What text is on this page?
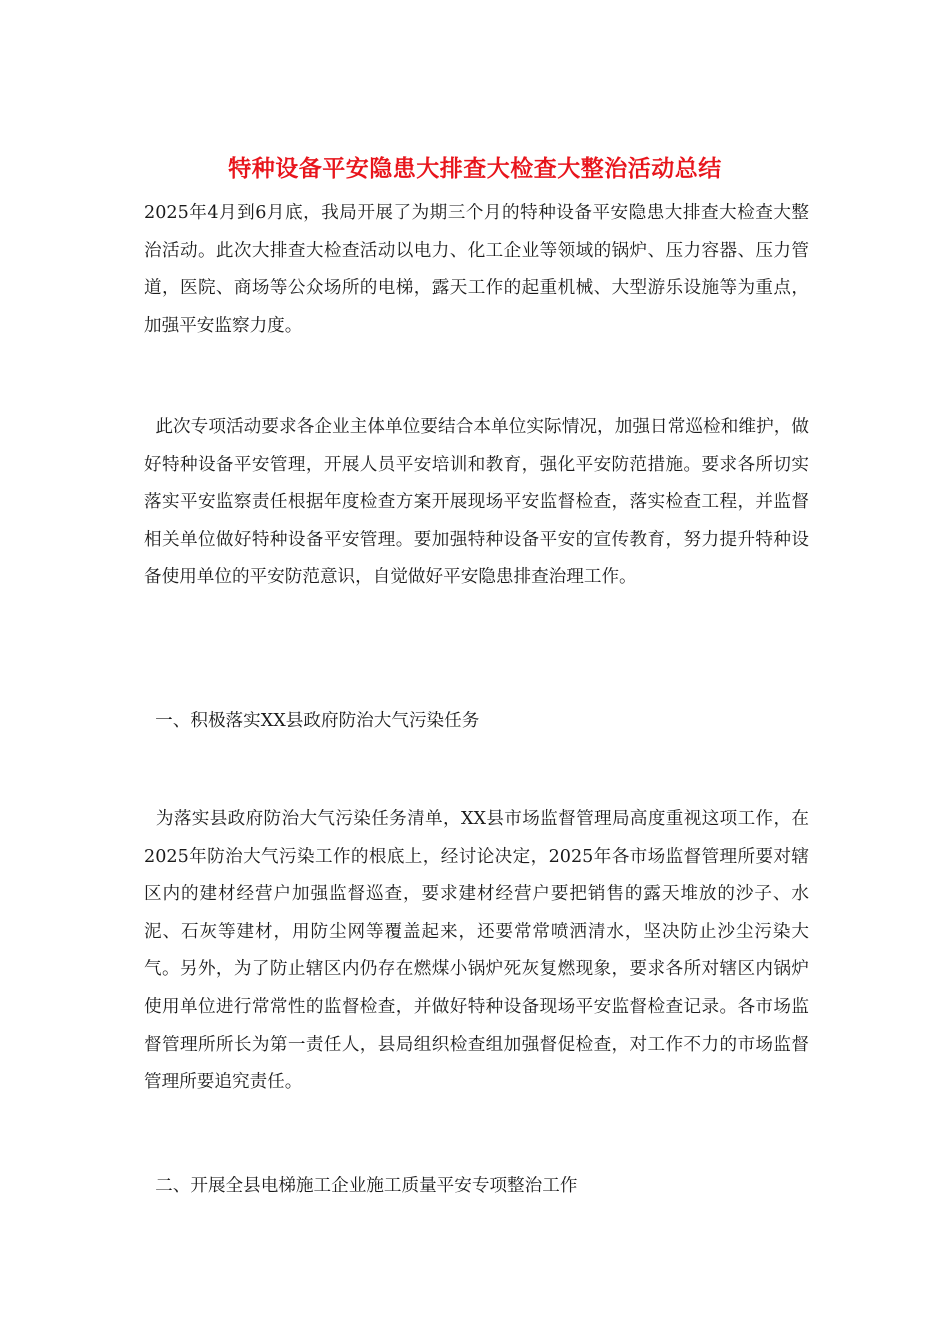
特种设备平安隐患大排查大检查大整治活动总结

2025年4月到6月底，我局开展了为期三个月的特种设备平安隐患大排查大检查大整治活动。此次大排查大检查活动以电力、化工企业等领域的锅炉、压力容器、压力管道，医院、商场等公众场所的电梯，露天工作的起重机械、大型游乐设施等为重点，加强平安监察力度。

此次专项活动要求各企业主体单位要结合本单位实际情况，加强日常巡检和维护，做好特种设备平安管理，开展人员平安培训和教育，强化平安防范措施。要求各所切实落实平安监察责任根据年度检查方案开展现场平安监督检查，落实检查工程，并监督相关单位做好特种设备平安管理。要加强特种设备平安的宣传教育，努力提升特种设备使用单位的平安防范意识，自觉做好平安隐患排查治理工作。

一、积极落实XX县政府防治大气污染任务

为落实县政府防治大气污染任务清单，XX县市场监督管理局高度重视这项工作，在2025年防治大气污染工作的根底上，经讨论决定，2025年各市场监督管理所要对辖区内的建材经营户加强监督巡查，要求建材经营户要把销售的露天堆放的沙子、水泥、石灰等建材，用防尘网等覆盖起来，还要常常喷洒清水，坚决防止沙尘污染大气。另外，为了防止辖区内仍存在燃煤小锅炉死灰复燃现象，要求各所对辖区内锅炉使用单位进行常常性的监督检查，并做好特种设备现场平安监督检查记录。各市场监督管理所所长为第一责任人，县局组织检查组加强督促检查，对工作不力的市场监督管理所要追究责任。

二、开展全县电梯施工企业施工质量平安专项整治工作
